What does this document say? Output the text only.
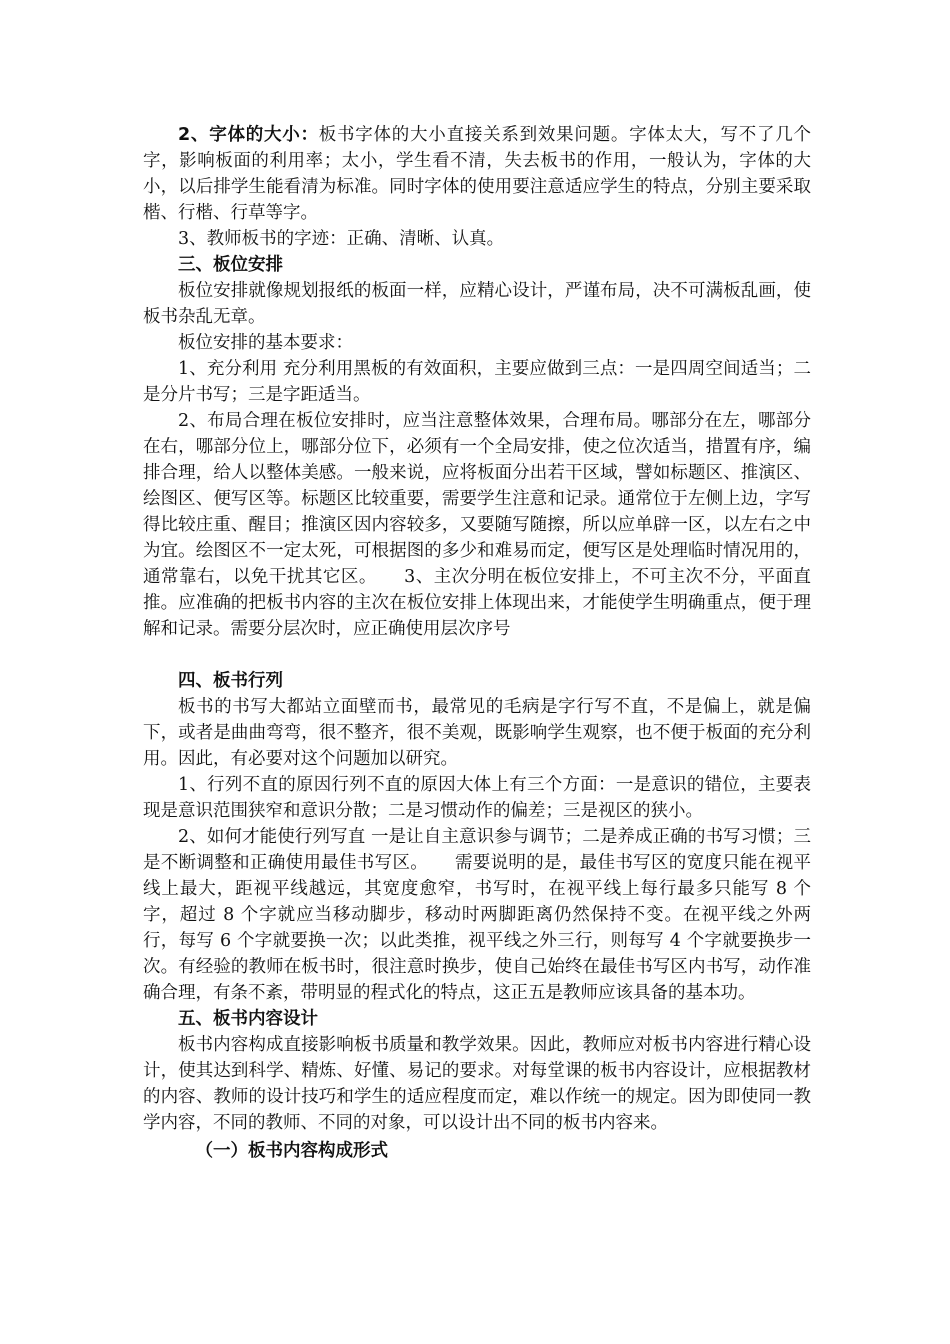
2、字体的大小：板书字体的大小直接关系到效果问题。字体太大，写不了几个字，影响板面的利用率；太小，学生看不清，失去板书的作用，一般认为，字体的大小，以后排学生能看清为标准。同时字体的使用要注意适应学生的特点，分别主要采取楷、行楷、行草等字。

3、教师板书的字迹：正确、清晰、认真。

三、板位安排

板位安排就像规划报纸的板面一样，应精心设计，严谨布局，决不可满板乱画，使板书杂乱无章。

板位安排的基本要求：

1、充分利用 充分利用黑板的有效面积，主要应做到三点：一是四周空间适当；二是分片书写；三是字距适当。

2、布局合理在板位安排时，应当注意整体效果，合理布局。哪部分在左，哪部分在右，哪部分位上，哪部分位下，必须有一个全局安排，使之位次适当，措置有序，编排合理，给人以整体美感。一般来说，应将板面分出若干区域，譬如标题区、推演区、绘图区、便写区等。标题区比较重要，需要学生注意和记录。通常位于左侧上边，字写得比较庄重、醒目；推演区因内容较多，又要随写随擦，所以应单辟一区，以左右之中为宜。绘图区不一定太死，可根据图的多少和难易而定，便写区是处理临时情况用的，通常靠右，以免干扰其它区。　　3、主次分明在板位安排上，不可主次不分，平面直推。应准确的把板书内容的主次在板位安排上体现出来，才能使学生明确重点，便于理解和记录。需要分层次时，应正确使用层次序号

四、板书行列

板书的书写大都站立面壁而书，最常见的毛病是字行写不直，不是偏上，就是偏下，或者是曲曲弯弯，很不整齐，很不美观，既影响学生观察，也不便于板面的充分利用。因此，有必要对这个问题加以研究。

1、行列不直的原因行列不直的原因大体上有三个方面：一是意识的错位，主要表现是意识范围狭窄和意识分散；二是习惯动作的偏差；三是视区的狭小。

2、如何才能使行列写直 一是让自主意识参与调节；二是养成正确的书写习惯；三是不断调整和正确使用最佳书写区。　　需要说明的是，最佳书写区的宽度只能在视平线上最大，距视平线越远，其宽度愈窄，书写时，在视平线上每行最多只能写 8 个字，超过 8 个字就应当移动脚步，移动时两脚距离仍然保持不变。在视平线之外两行，每写 6 个字就要换一次；以此类推，视平线之外三行，则每写 4 个字就要换步一次。有经验的教师在板书时，很注意时换步，使自己始终在最佳书写区内书写，动作准确合理，有条不紊，带明显的程式化的特点，这正五是教师应该具备的基本功。

五、板书内容设计

板书内容构成直接影响板书质量和教学效果。因此，教师应对板书内容进行精心设计，使其达到科学、精炼、好懂、易记的要求。对每堂课的板书内容设计，应根据教材的内容、教师的设计技巧和学生的适应程度而定，难以作统一的规定。因为即使同一教学内容，不同的教师、不同的对象，可以设计出不同的板书内容来。

（一）板书内容构成形式
